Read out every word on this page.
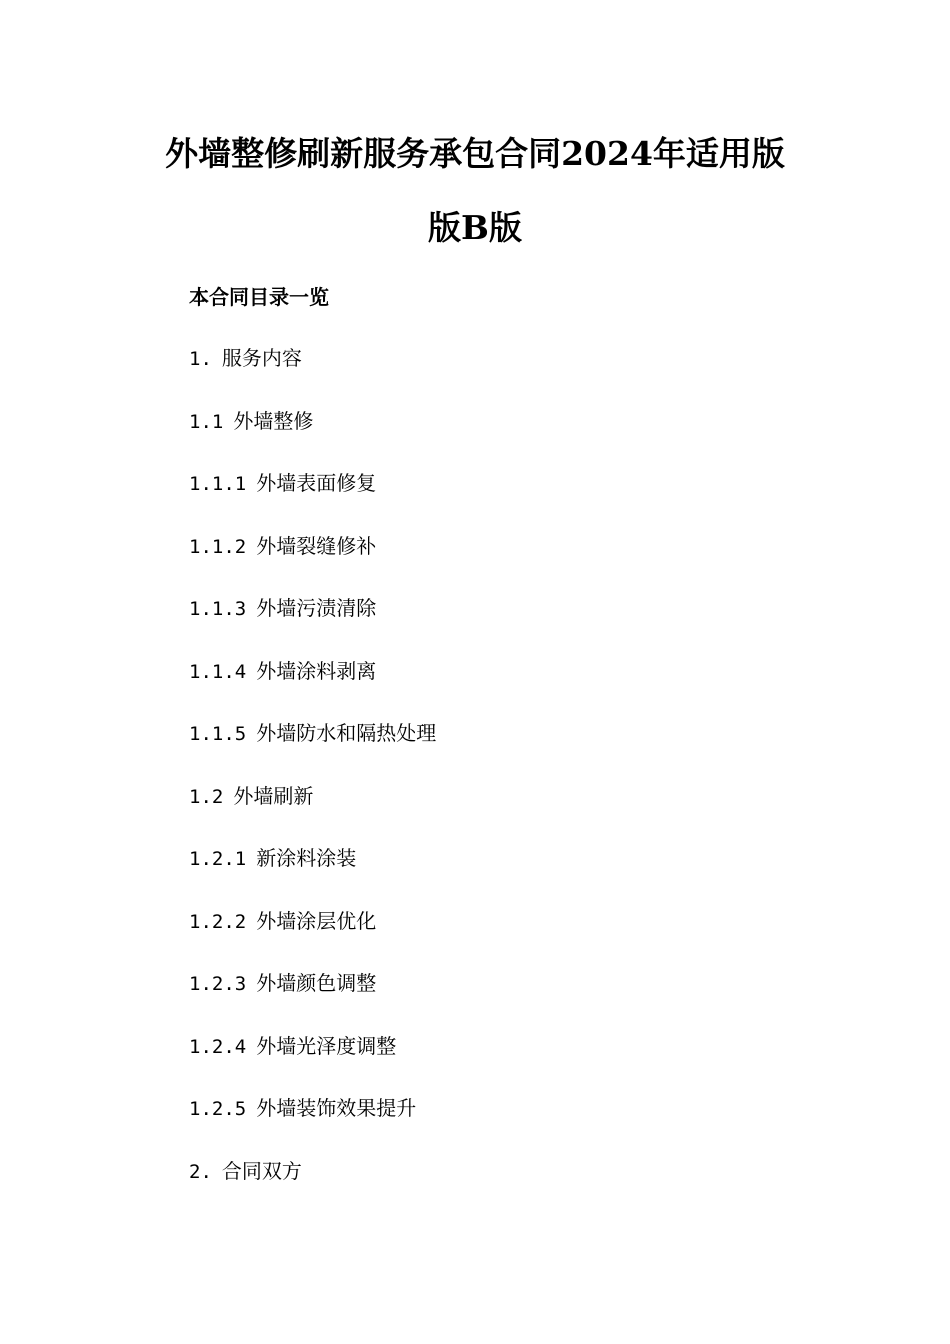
外墙整修刷新服务承包合同2024年适用版
版B版
本合同目录一览
1. 服务内容
1.1 外墙整修
1.1.1 外墙表面修复
1.1.2 外墙裂缝修补
1.1.3 外墙污渍清除
1.1.4 外墙涂料剥离
1.1.5 外墙防水和隔热处理
1.2 外墙刷新
1.2.1 新涂料涂装
1.2.2 外墙涂层优化
1.2.3 外墙颜色调整
1.2.4 外墙光泽度调整
1.2.5 外墙装饰效果提升
2. 合同双方
